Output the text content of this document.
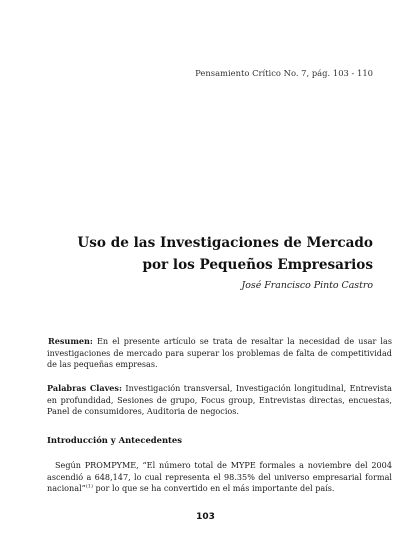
Pensamiento Crítico No. 7, pág. 103 - 110
Uso de las Investigaciones de Mercado
por los Pequeños Empresarios
José Francisco Pinto Castro
Resumen: En el presente artículo se trata de resaltar la necesidad de usar las investigaciones de mercado para superar los problemas de falta de competitividad de las pequeñas empresas.
Palabras Claves: Investigación transversal, Investigación longitudinal, Entrevista en profundidad, Sesiones de grupo, Focus group, Entrevistas directas, encuestas, Panel de consumidores, Auditoria de negocios.
Introducción y Antecedentes
Según PROMPYME, “El número total de MYPE formales a noviembre del 2004 ascendió a 648,147, lo cual representa el 98.35% del universo empresarial formal nacional”$^{(1)}$ por lo que se ha convertido en el más importante del país.
103
